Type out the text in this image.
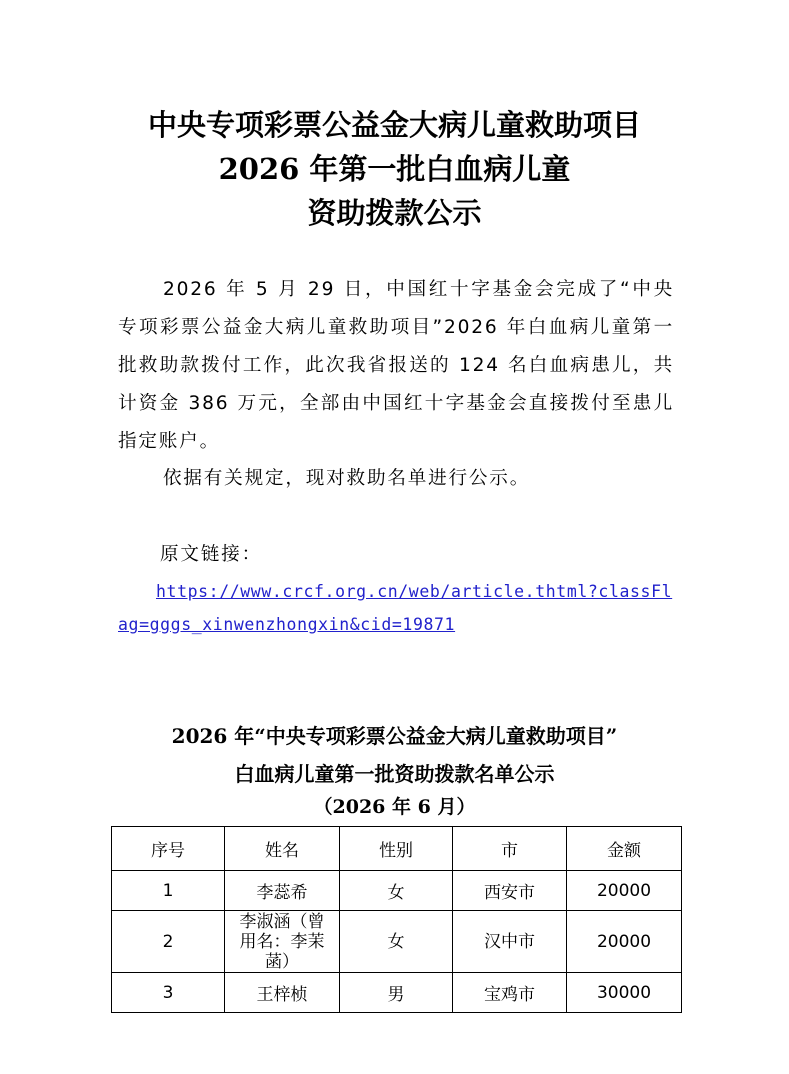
中央专项彩票公益金大病儿童救助项目
2026 年第一批白血病儿童
资助拨款公示
2026 年 5 月 29 日，中国红十字基金会完成了“中央专项彩票公益金大病儿童救助项目”2026 年白血病儿童第一批救助款拨付工作，此次我省报送的 124 名白血病患儿，共计资金 386 万元，全部由中国红十字基金会直接拨付至患儿指定账户。
依据有关规定，现对救助名单进行公示。
原文链接：
https://www.crcf.org.cn/web/article.thtml?classFl
ag=gggs_xinwenzhongxin&cid=19871
2026 年“中央专项彩票公益金大病儿童救助项目”
白血病儿童第一批资助拨款名单公示
（2026 年 6 月）
序号	姓名	性别	市	金额
1	李蕊希	女	西安市	20000
2	李淑涵（曾用名：李茉菡）	女	汉中市	20000
3	王梓桢	男	宝鸡市	30000
